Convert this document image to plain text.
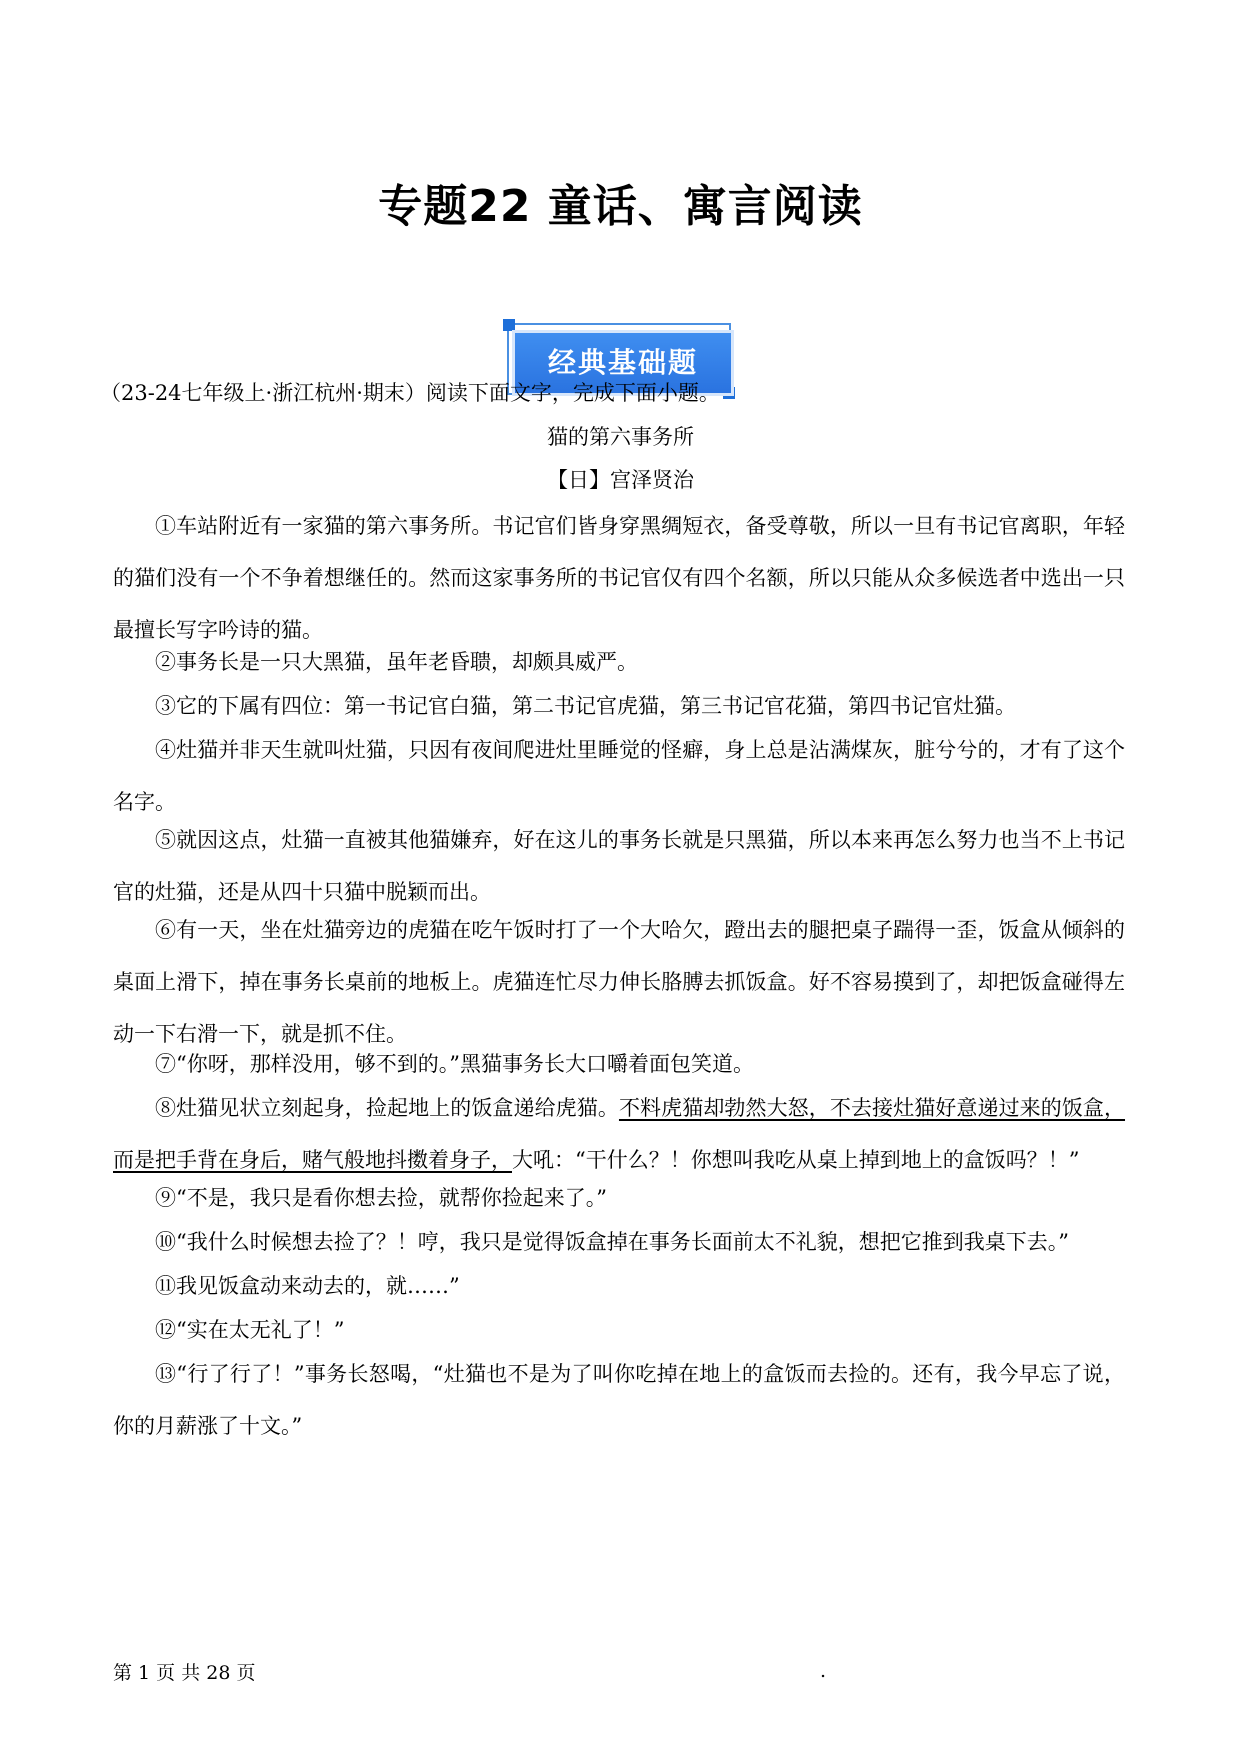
专题22 童话、寓言阅读
经典基础题
（23-24七年级上·浙江杭州·期末）阅读下面文字，完成下面小题。
猫的第六事务所
【日】宫泽贤治

①车站附近有一家猫的第六事务所。书记官们皆身穿黑绸短衣，备受尊敬，所以一旦有书记官离职，年轻的猫们没有一个不争着想继任的。然而这家事务所的书记官仅有四个名额，所以只能从众多候选者中选出一只最擅长写字吟诗的猫。

②事务长是一只大黑猫，虽年老昏聩，却颇具威严。

③它的下属有四位：第一书记官白猫，第二书记官虎猫，第三书记官花猫，第四书记官灶猫。

④灶猫并非天生就叫灶猫，只因有夜间爬进灶里睡觉的怪癖，身上总是沾满煤灰，脏兮兮的，才有了这个名字。

⑤就因这点，灶猫一直被其他猫嫌弃，好在这儿的事务长就是只黑猫，所以本来再怎么努力也当不上书记官的灶猫，还是从四十只猫中脱颖而出。

⑥有一天，坐在灶猫旁边的虎猫在吃午饭时打了一个大哈欠，蹬出去的腿把桌子踹得一歪，饭盒从倾斜的桌面上滑下，掉在事务长桌前的地板上。虎猫连忙尽力伸长胳膊去抓饭盒。好不容易摸到了，却把饭盒碰得左动一下右滑一下，就是抓不住。

⑦“你呀，那样没用，够不到的。”黑猫事务长大口嚼着面包笑道。

⑧灶猫见状立刻起身，捡起地上的饭盒递给虎猫。不料虎猫却勃然大怒，不去接灶猫好意递过来的饭盒，而是把手背在身后，赌气般地抖擞着身子，大吼：“干什么？！你想叫我吃从桌上掉到地上的盒饭吗？！”

⑨“不是，我只是看你想去捡，就帮你捡起来了。”

⑩“我什么时候想去捡了？！哼，我只是觉得饭盒掉在事务长面前太不礼貌，想把它推到我桌下去。”

⑪我见饭盒动来动去的，就……”

⑫“实在太无礼了！”

⑬“行了行了！”事务长怒喝，“灶猫也不是为了叫你吃掉在地上的盒饭而去捡的。还有，我今早忘了说，你的月薪涨了十文。”

第 1 页 共 28 页	.
